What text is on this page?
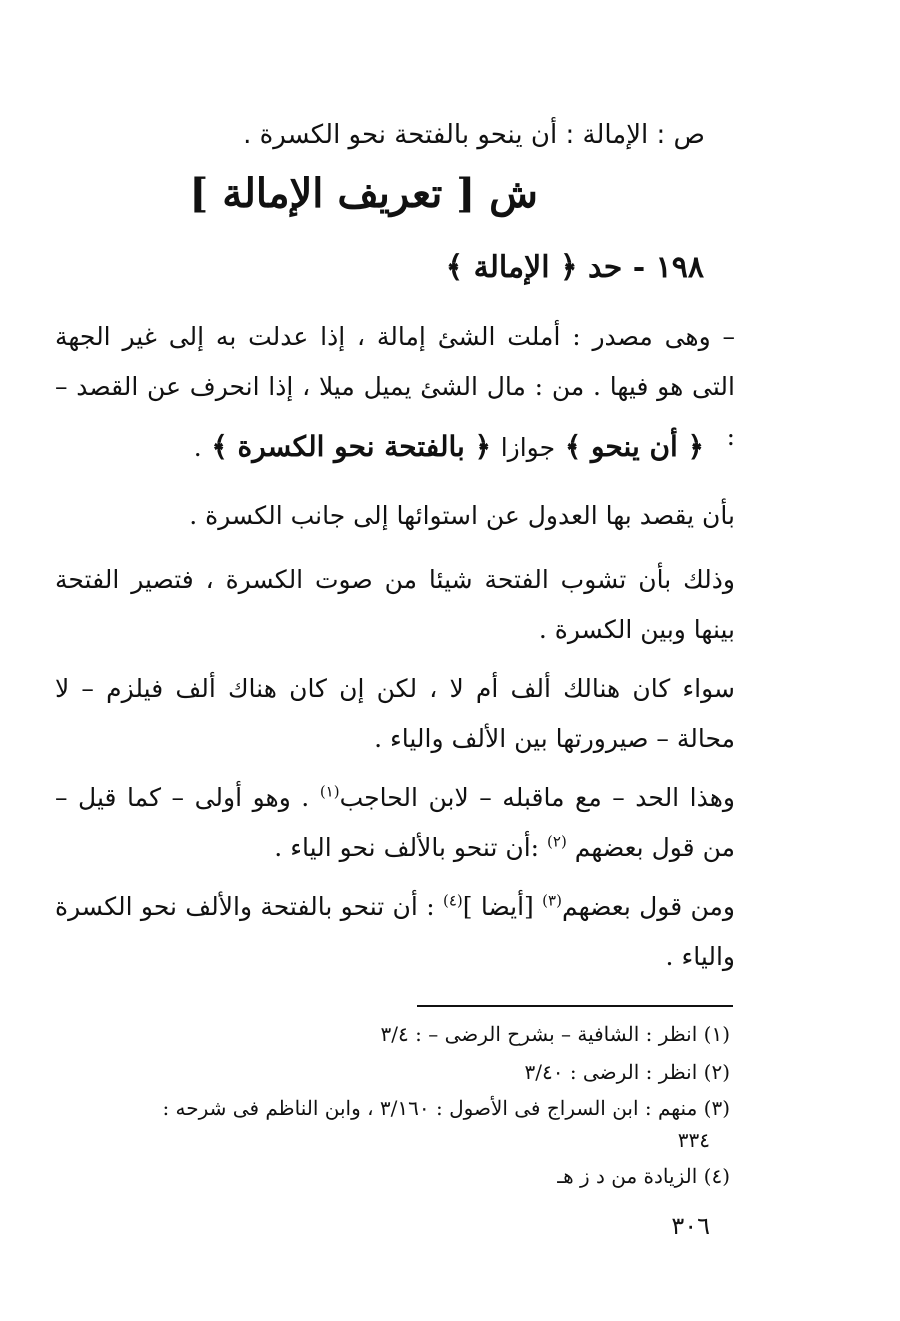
ص : الإمالة : أن ينحو بالفتحة نحو الكسرة .
ش [ تعريف الإمالة ]
١٩٨ - حد ﴿ الإمالة ﴾
– وهى مصدر : أملت الشئ إمالة ، إذا عدلت به إلى غير الجهة التى هو فيها . من : مال الشئ يميل ميلا ، إذا انحرف عن القصد – :
﴿ أن ينحو ﴾ جوازا ﴿ بالفتحة نحو الكسرة ﴾ .
بأن يقصد بها العدول عن استوائها إلى جانب الكسرة .
وذلك بأن تشوب الفتحة شيئا من صوت الكسرة ، فتصير الفتحة بينها وبين الكسرة .
سواء كان هنالك ألف أم لا ، لكن إن كان هناك ألف فيلزم – لا محالة – صيرورتها بين الألف والياء .
وهذا الحد – مع ماقبله – لابن الحاجب$^{(١)}$ . وهو أولى – كما قيل – من قول بعضهم $^{(٢)}$ :أن تنحو بالألف نحو الياء .
ومن قول بعضهم$^{(٣)}$ [أيضا ]$^{(٤)}$ : أن تنحو بالفتحة والألف نحو الكسرة والياء .
(١) انظر : الشافية – بشرح الرضى – : ٣/٤
(٢) انظر : الرضى : ٣/٤٠
(٣) منهم : ابن السراج فى الأصول : ٣/١٦٠ ، وابن الناظم فى شرحه :
٣٣٤
(٤) الزيادة من د ز هـ
٣٠٦
